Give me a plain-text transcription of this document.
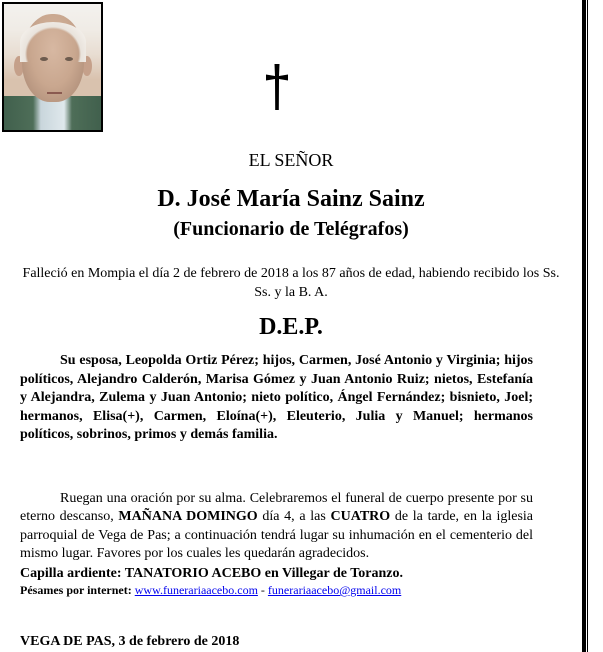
EL SEÑOR
D. José María Sainz Sainz
(Funcionario de Telégrafos)
Falleció en Mompia el día 2 de febrero de 2018 a los 87 años de edad, habiendo recibido los Ss. Ss. y la B. A.
D.E.P.

Su esposa, Leopolda Ortiz Pérez; hijos, Carmen, José Antonio y Virginia; hijos políticos, Alejandro Calderón, Marisa Gómez y Juan Antonio Ruiz; nietos, Estefanía y Alejandra, Zulema y Juan Antonio; nieto político, Ángel Fernández; bisnieto, Joel; hermanos, Elisa(+), Carmen, Eloína(+), Eleuterio, Julia y Manuel; hermanos políticos, sobrinos, primos y demás familia.

Ruegan una oración por su alma. Celebraremos el funeral de cuerpo presente por su eterno descanso, MAÑANA DOMINGO día 4, a las CUATRO de la tarde, en la iglesia parroquial de Vega de Pas; a continuación tendrá lugar su inhumación en el cementerio del mismo lugar. Favores por los cuales les quedarán agradecidos.

Capilla ardiente: TANATORIO ACEBO en Villegar de Toranzo.
Pésames por internet: www.funerariaacebo.com - funerariaacebo@gmail.com
VEGA DE PAS, 3 de febrero de 2018
